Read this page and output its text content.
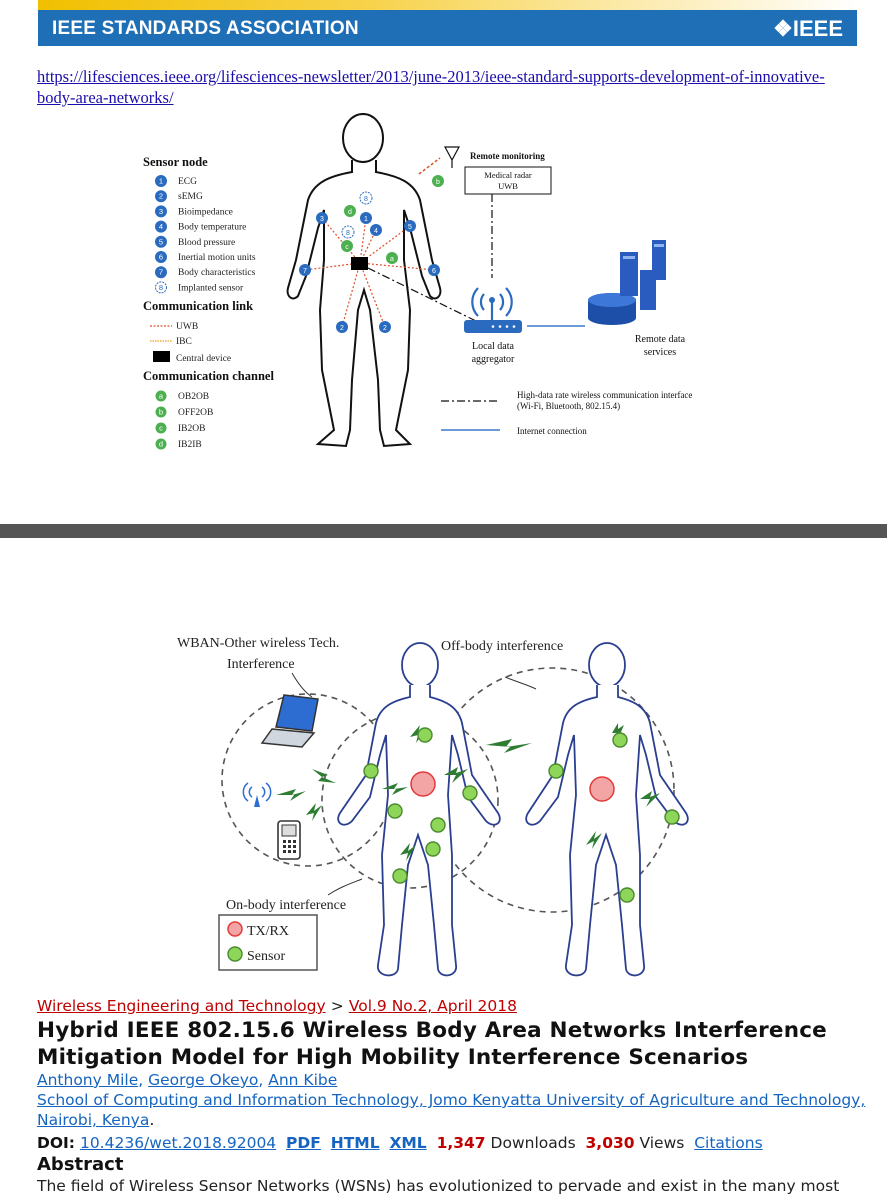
IEEE STANDARDS ASSOCIATION	❖IEEE
https://lifesciences.ieee.org/lifesciences-newsletter/2013/june-2013/ieee-standard-supports-development-of-innovative-body-area-networks/
Sensor node
1 ECG
2 sEMG
3 Bioimpedance
4 Body temperature
5 Blood pressure
6 Inertial motion units
7 Body characteristics
8 Implanted sensor
Communication link
UWB
IBC
Central device
Communication channel
a OB2OB
b OFF2OB
c IB2OB
d IB2IB
7	6
3
5
2	2
1
4
8
d
8
c
a
b
Remote monitoring
Medical radar
UWB
Local data
aggregator
Remote data
services
High-data rate wireless communication interface
(Wi-Fi, Bluetooth, 802.15.4)
Internet connection
WBAN-Other wireless Tech.
Interference
Off-body interference
On-body interference
TX/RX
Sensor
Wireless Engineering and Technology > Vol.9 No.2, April 2018
Hybrid IEEE 802.15.6 Wireless Body Area Networks Interference Mitigation Model for High Mobility Interference Scenarios
Anthony Mile, George Okeyo, Ann Kibe
School of Computing and Information Technology, Jomo Kenyatta University of Agriculture and Technology, Nairobi, Kenya.
DOI: 10.4236/wet.2018.92004 PDF HTML XML 1,347 Downloads 3,030 Views Citations
Abstract
The field of Wireless Sensor Networks (WSNs) has evolutionized to pervade and exist in the many most
